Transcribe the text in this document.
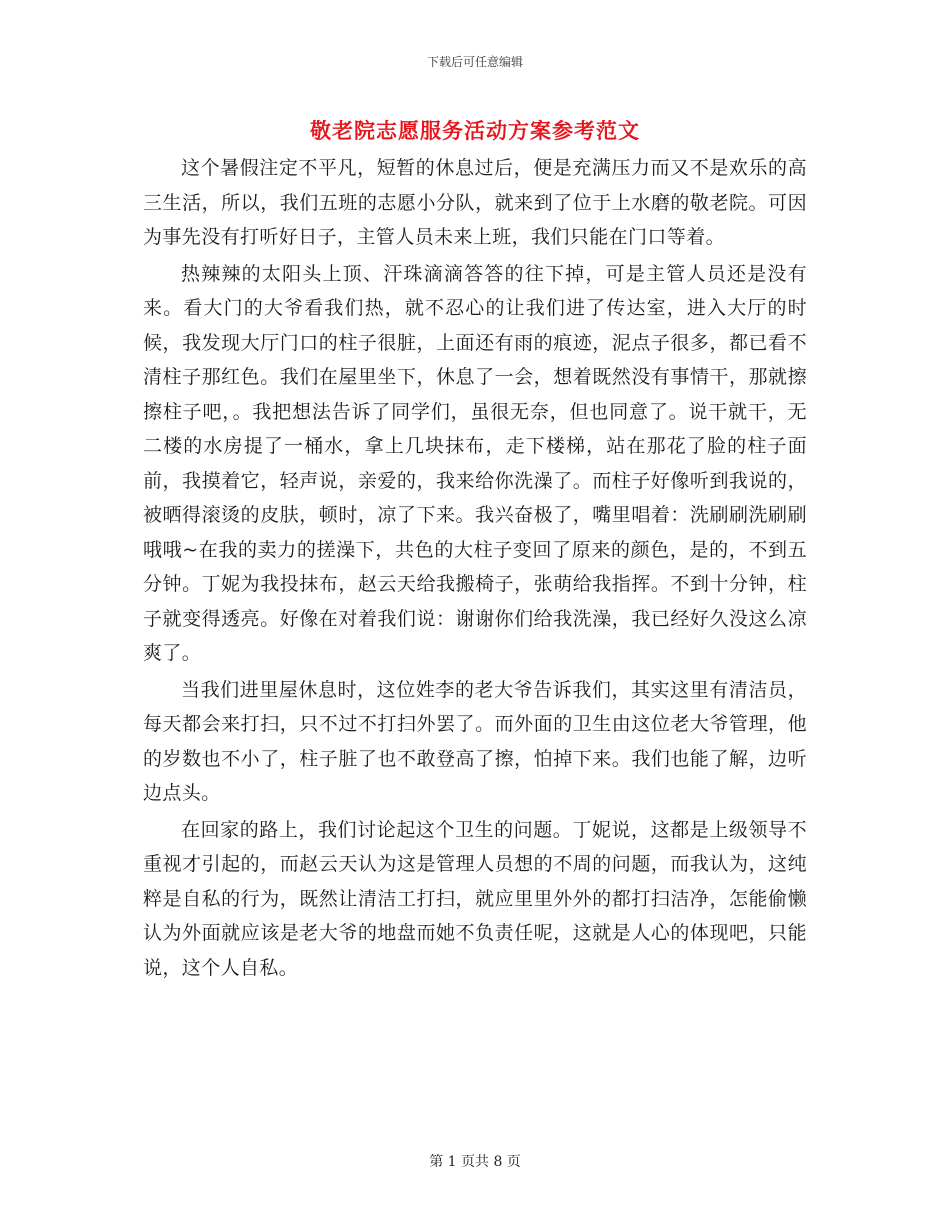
下载后可任意编辑
敬老院志愿服务活动方案参考范文

这个暑假注定不平凡，短暂的休息过后，便是充满压力而又不是欢乐的高三生活，所以，我们五班的志愿小分队，就来到了位于上水磨的敬老院。可因为事先没有打听好日子，主管人员未来上班，我们只能在门口等着。

热辣辣的太阳头上顶、汗珠滴滴答答的往下掉，可是主管人员还是没有来。看大门的大爷看我们热，就不忍心的让我们进了传达室，进入大厅的时候，我发现大厅门口的柱子很脏，上面还有雨的痕迹，泥点子很多，都已看不清柱子那红色。我们在屋里坐下，休息了一会，想着既然没有事情干，那就擦擦柱子吧，。我把想法告诉了同学们，虽很无奈，但也同意了。说干就干，无二楼的水房提了一桶水，拿上几块抹布，走下楼梯，站在那花了脸的柱子面前，我摸着它，轻声说，亲爱的，我来给你洗澡了。而柱子好像听到我说的，被晒得滚烫的皮肤，顿时，凉了下来。我兴奋极了，嘴里唱着：洗刷刷洗刷刷哦哦~在我的卖力的搓澡下，共色的大柱子变回了原来的颜色，是的，不到五分钟。丁妮为我投抹布，赵云天给我搬椅子，张萌给我指挥。不到十分钟，柱子就变得透亮。好像在对着我们说：谢谢你们给我洗澡，我已经好久没这么凉爽了。

当我们进里屋休息时，这位姓李的老大爷告诉我们，其实这里有清洁员，每天都会来打扫，只不过不打扫外罢了。而外面的卫生由这位老大爷管理，他的岁数也不小了，柱子脏了也不敢登高了擦，怕掉下来。我们也能了解，边听边点头。

在回家的路上，我们讨论起这个卫生的问题。丁妮说，这都是上级领导不重视才引起的，而赵云天认为这是管理人员想的不周的问题，而我认为，这纯粹是自私的行为，既然让清洁工打扫，就应里里外外的都打扫洁净，怎能偷懒认为外面就应该是老大爷的地盘而她不负责任呢，这就是人心的体现吧，只能说，这个人自私。

第 1 页共 8 页
